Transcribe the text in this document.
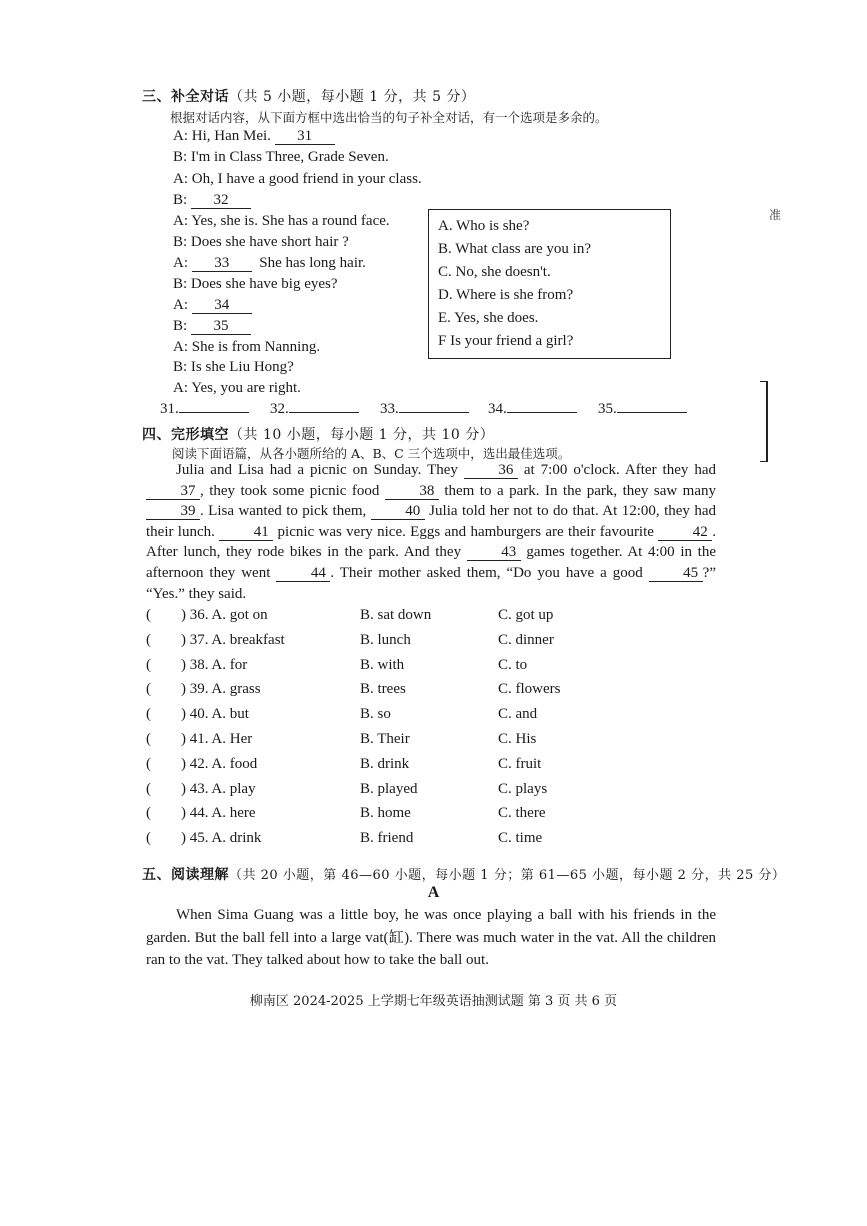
三、补全对话（共 5 小题，每小题 1 分，共 5 分）
根据对话内容，从下面方框中选出恰当的句子补全对话，有一个选项是多余的。
A: Hi, Han Mei. 31
B: I'm in Class Three, Grade Seven.
A: Oh, I have a good friend in your class.
B: 32
A: Yes, she is. She has a round face.
B: Does she have short hair ?
A: 33  She has long hair.
B: Does she have big eyes?
A: 34
B: 35
A: She is from Nanning.
B: Is she Liu Hong?
A: Yes, you are right.
A. Who is she?
B. What class are you in?
C. No, she doesn't.
D. Where is she from?
E. Yes, she does.
F Is your friend a girl?
准
31.	32.	33.	34.	35.
四、完形填空（共 10 小题，每小题 1 分，共 10 分）
阅读下面语篇，从各小题所给的 A、B、C 三个选项中，选出最佳选项。

Julia and Lisa had a picnic on Sunday. They 36 at 7:00 o'clock. After they had 37 , they took some picnic food 38 them to a park. In the park, they saw many 39 . Lisa wanted to pick them, 40 Julia told her not to do that. At 12:00, they had their lunch. 41 picnic was very nice. Eggs and hamburgers are their favourite 42 . After lunch, they rode bikes in the park. And they 43 games together. At 4:00 in the afternoon they went 44 . Their mother asked them, “Do you have a good 45 ?” “Yes.” they said.

( ) 36. A. got on	B. sat down	C. got up
( ) 37. A. breakfast	B. lunch	C. dinner
( ) 38. A. for	B. with	C. to
( ) 39. A. grass	B. trees	C. flowers
( ) 40. A. but	B. so	C. and
( ) 41. A. Her	B. Their	C. His
( ) 42. A. food	B. drink	C. fruit
( ) 43. A. play	B. played	C. plays
( ) 44. A. here	B. home	C. there
( ) 45. A. drink	B. friend	C. time
五、阅读理解（共 20 小题，第 46—60 小题，每小题 1 分；第 61—65 小题，每小题 2 分，共 25 分）
A

When Sima Guang was a little boy, he was once playing a ball with his friends in the garden. But the ball fell into a large vat(缸). There was much water in the vat. All the children ran to the vat. They talked about how to take the ball out.

柳南区 2024-2025 上学期七年级英语抽测试题 第 3 页 共 6 页
